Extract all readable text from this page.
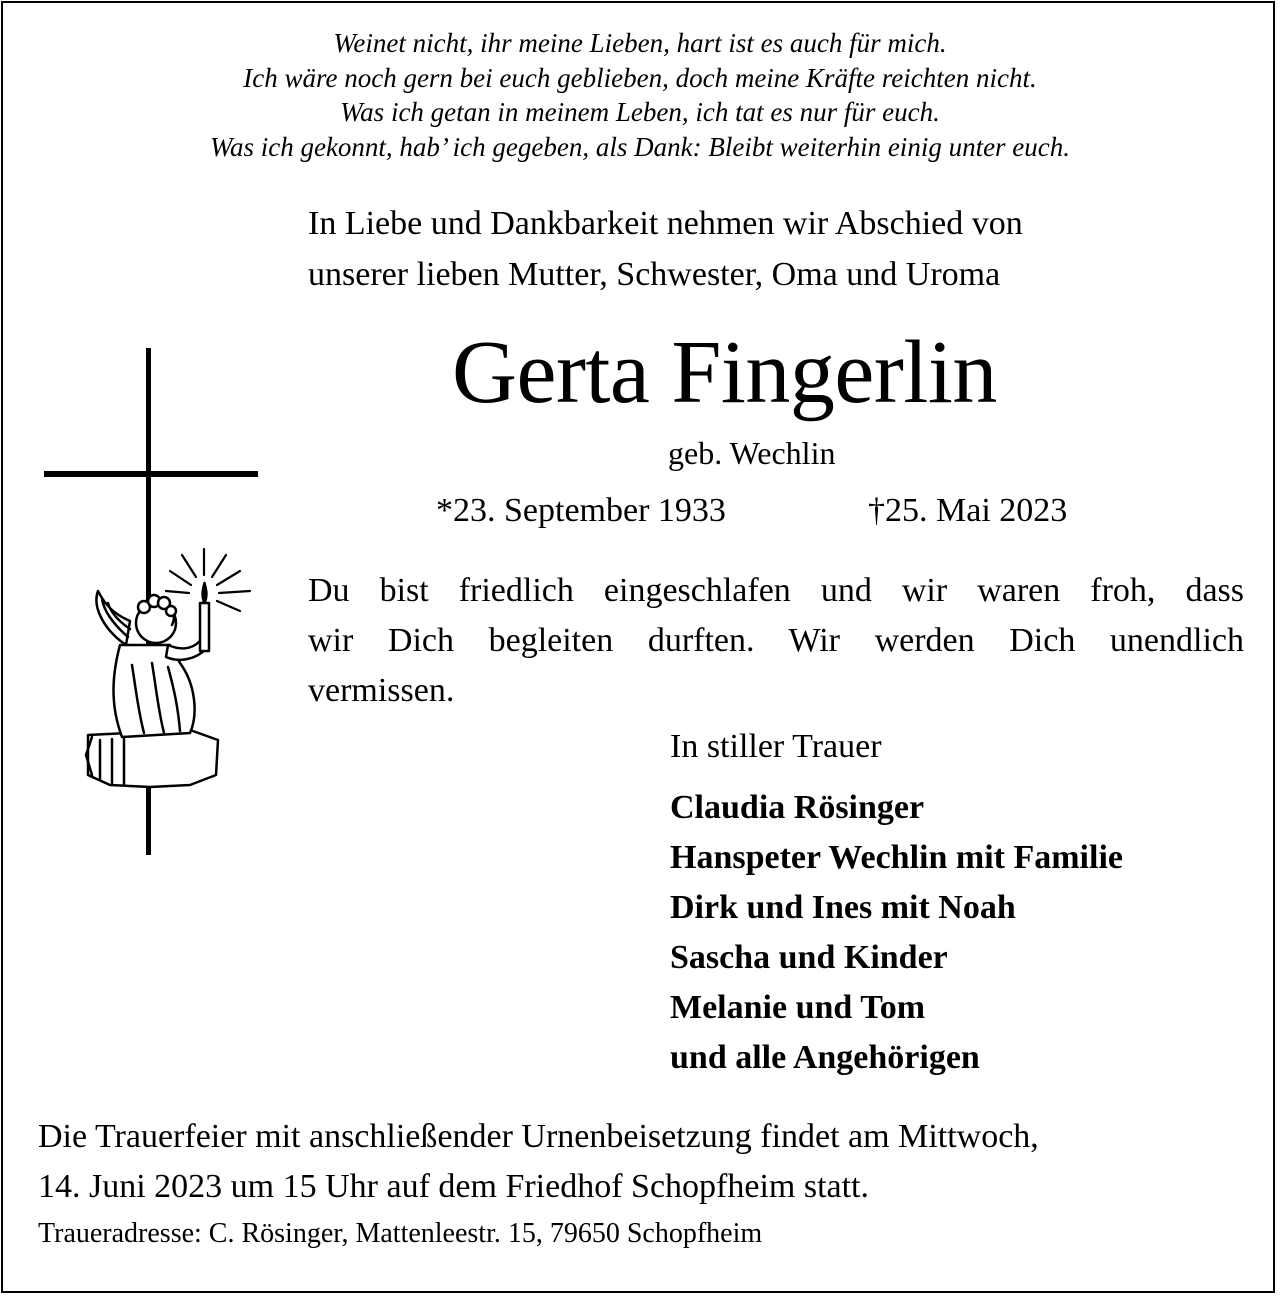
Weinet nicht, ihr meine Lieben, hart ist es auch für mich.
Ich wäre noch gern bei euch geblieben, doch meine Kräfte reichten nicht.
Was ich getan in meinem Leben, ich tat es nur für euch.
Was ich gekonnt, hab’ ich gegeben, als Dank: Bleibt weiterhin einig unter euch.
In Liebe und Dankbarkeit nehmen wir Abschied von
unserer lieben Mutter, Schwester, Oma und Uroma
Gerta Fingerlin
geb. Wechlin
*23. September 1933	†25. Mai 2023
Du bist friedlich eingeschlafen und wir waren froh, dass
wir Dich begleiten durften. Wir werden Dich unendlich
vermissen.
In stiller Trauer
Claudia Rösinger
Hanspeter Wechlin mit Familie
Dirk und Ines mit Noah
Sascha und Kinder
Melanie und Tom
und alle Angehörigen
Die Trauerfeier mit anschließender Urnenbeisetzung findet am Mittwoch,
14. Juni 2023 um 15 Uhr auf dem Friedhof Schopfheim statt.
Traueradresse: C. Rösinger, Mattenleestr. 15, 79650 Schopfheim
